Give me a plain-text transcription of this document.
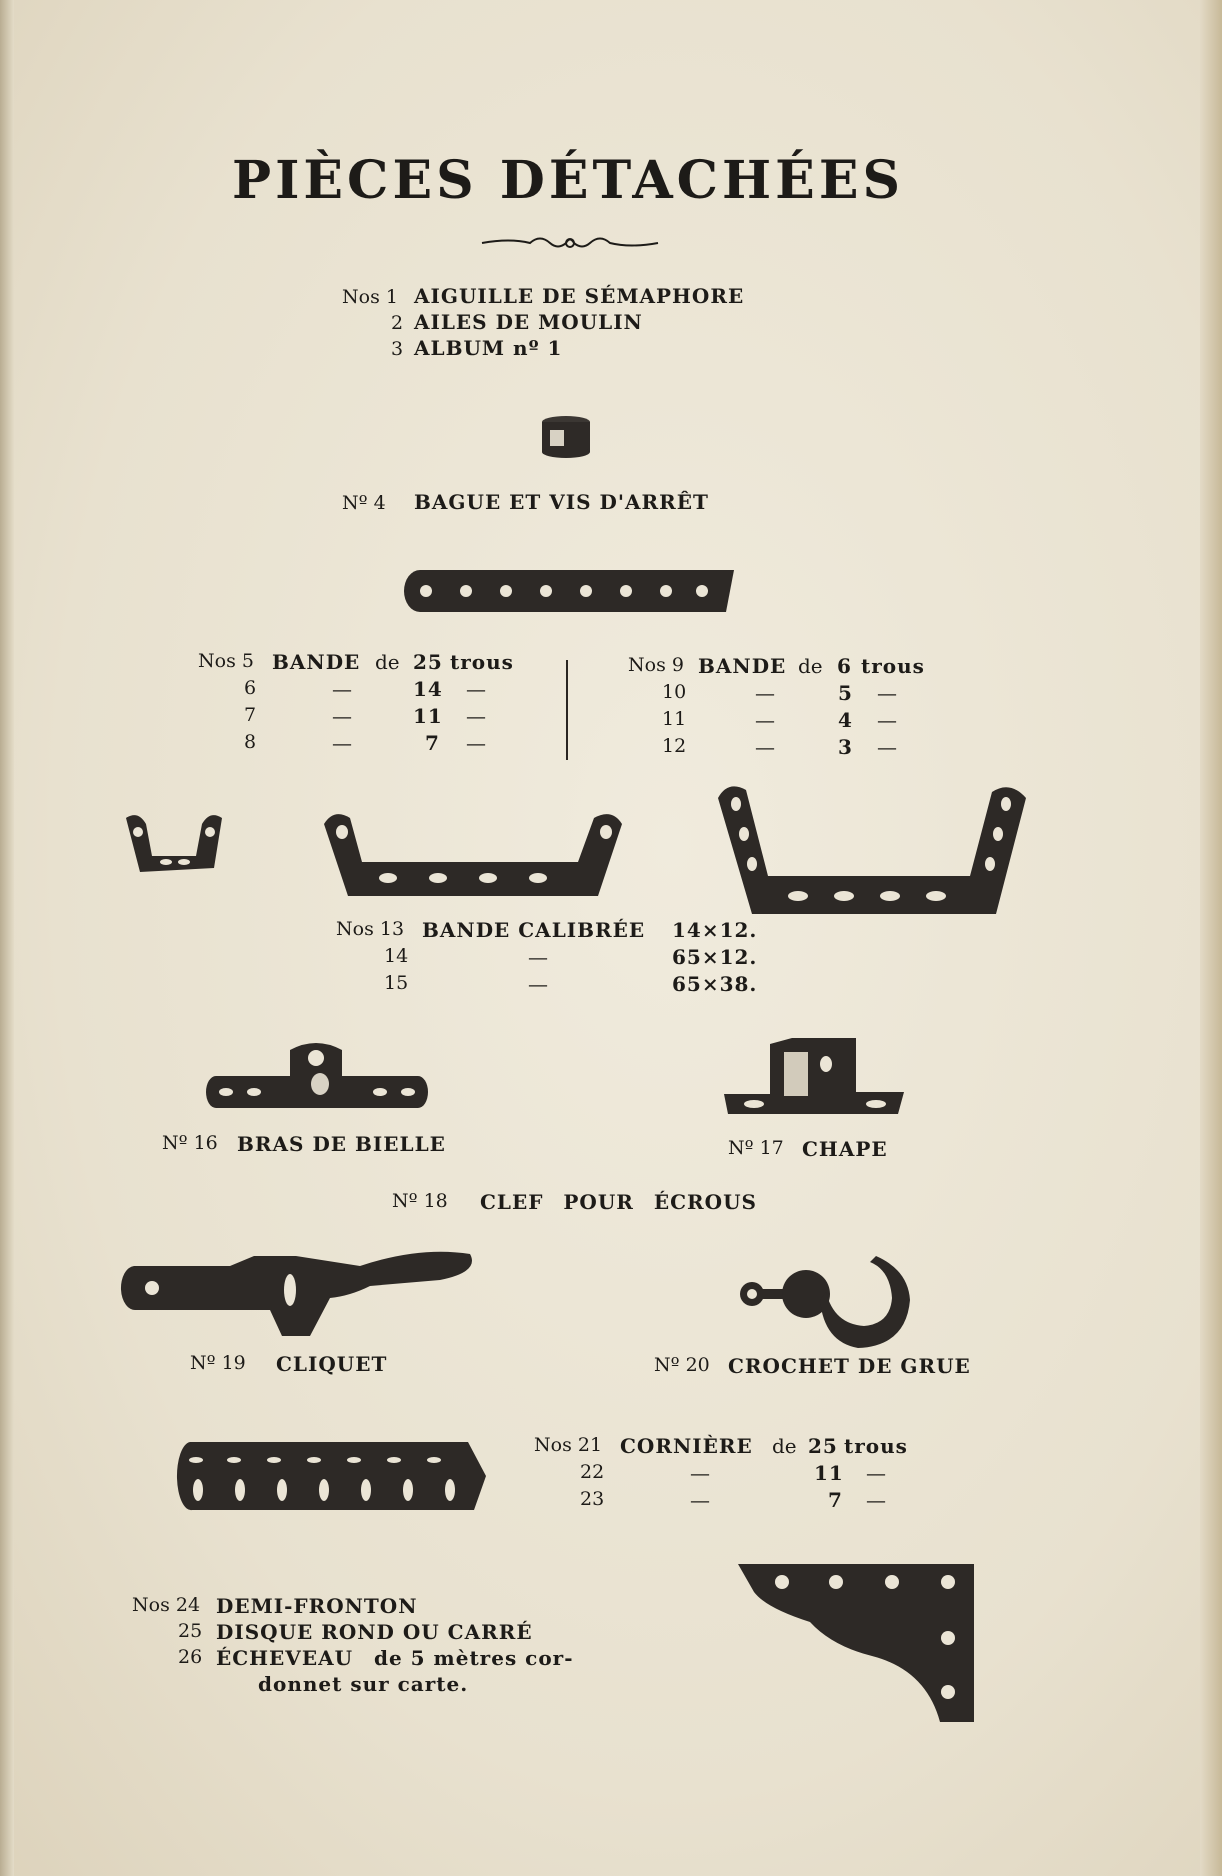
PIÈCES DÉTACHÉES
Nos 1 AIGUILLE DE SÉMAPHORE
2 AILES DE MOULIN
3 ALBUM nº 1
Nº 4 BAGUE ET VIS D'ARRÊT
Nos 5 BANDE de 25 trous
6	—	14 —
7	—	11 —
8	—	7 —
Nos 9 BANDE de 6 trous
10	—	5 —
11	—	4 —
12	—	3 —
Nos 13 BANDE CALIBRÉE 14×12.
14	—	65×12.
15	—	65×38.
Nº 16 BRAS DE BIELLE	Nº 17 CHAPE
Nº 18 CLEF POUR ÉCROUS
Nº 19 CLIQUET	Nº 20 CROCHET DE GRUE
Nos 21 CORNIÈRE de 25 trous
22	—	11 —
23	—	7 —
Nos 24 DEMI-FRONTON
25 DISQUE ROND OU CARRÉ
26 ÉCHEVEAU de 5 mètres cor-
donnet sur carte.
